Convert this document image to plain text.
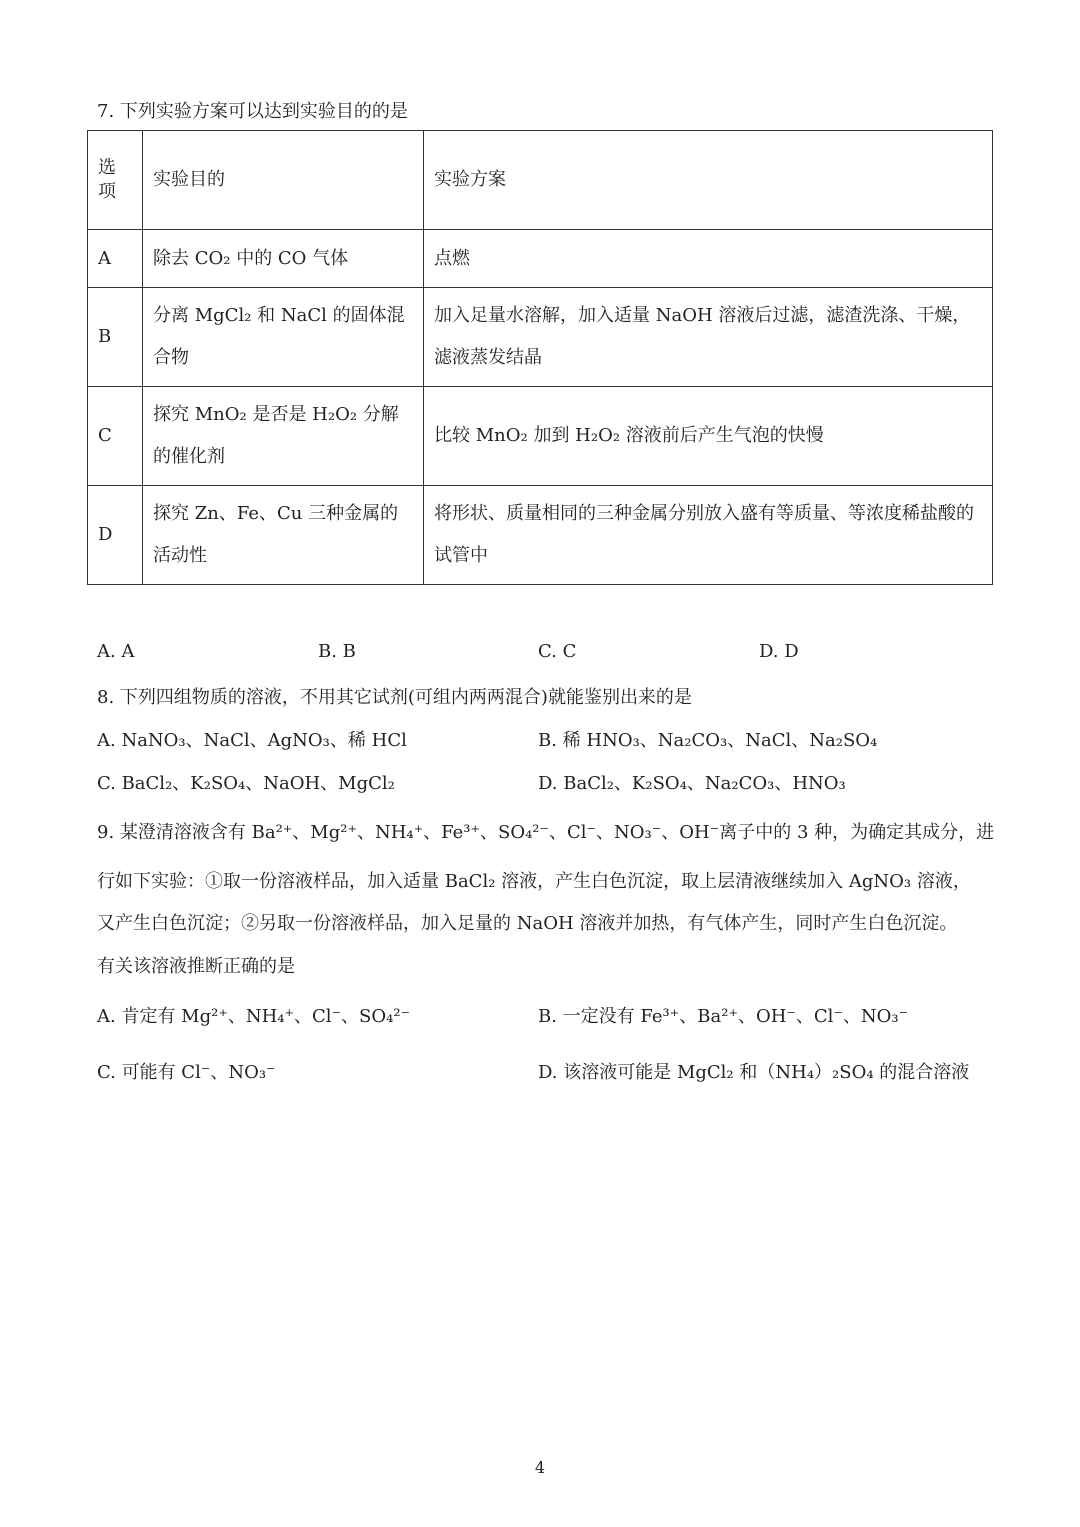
7. 下列实验方案可以达到实验目的的是
选
项	实验目的	实验方案
A	除去 CO₂ 中的 CO 气体	点燃
B	分离 MgCl₂ 和 NaCl 的固体混合物	加入足量水溶解，加入适量 NaOH 溶液后过滤，滤渣洗涤、干燥，滤液蒸发结晶
C	探究 MnO₂ 是否是 H₂O₂ 分解的催化剂	比较 MnO₂ 加到 H₂O₂ 溶液前后产生气泡的快慢
D	探究 Zn、Fe、Cu 三种金属的活动性	将形状、质量相同的三种金属分别放入盛有等质量、等浓度稀盐酸的试管中
A. A	B. B	C. C	D. D
8. 下列四组物质的溶液，不用其它试剂(可组内两两混合)就能鉴别出来的是
A. NaNO₃、NaCl、AgNO₃、稀 HCl	B. 稀 HNO₃、Na₂CO₃、NaCl、Na₂SO₄
C. BaCl₂、K₂SO₄、NaOH、MgCl₂	D. BaCl₂、K₂SO₄、Na₂CO₃、HNO₃
9. 某澄清溶液含有 Ba²⁺、Mg²⁺、NH₄⁺、Fe³⁺、SO₄²⁻、Cl⁻、NO₃⁻、OH⁻离子中的 3 种，为确定其成分，进
行如下实验：①取一份溶液样品，加入适量 BaCl₂ 溶液，产生白色沉淀，取上层清液继续加入 AgNO₃ 溶液，
又产生白色沉淀；②另取一份溶液样品，加入足量的 NaOH 溶液并加热，有气体产生，同时产生白色沉淀。
有关该溶液推断正确的是
A. 肯定有 Mg²⁺、NH₄⁺、Cl⁻、SO₄²⁻	B. 一定没有 Fe³⁺、Ba²⁺、OH⁻、Cl⁻、NO₃⁻
C. 可能有 Cl⁻、NO₃⁻	D. 该溶液可能是 MgCl₂ 和（NH₄）₂SO₄ 的混合溶液
4
